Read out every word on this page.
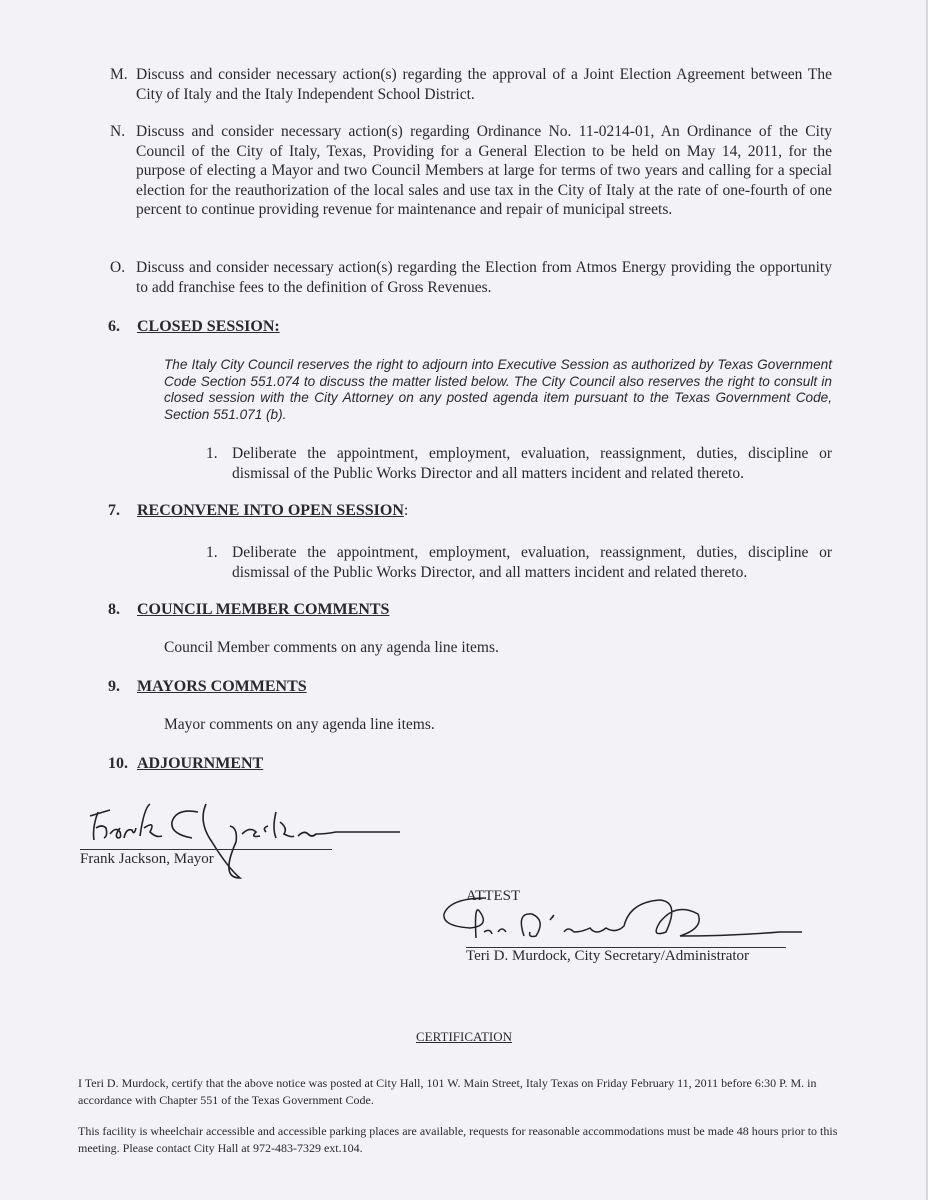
M. Discuss and consider necessary action(s) regarding the approval of a Joint Election Agreement between The City of Italy and the Italy Independent School District.
N. Discuss and consider necessary action(s) regarding Ordinance No. 11-0214-01, An Ordinance of the City Council of the City of Italy, Texas, Providing for a General Election to be held on May 14, 2011, for the purpose of electing a Mayor and two Council Members at large for terms of two years and calling for a special election for the reauthorization of the local sales and use tax in the City of Italy at the rate of one-fourth of one percent to continue providing revenue for maintenance and repair of municipal streets.
O. Discuss and consider necessary action(s) regarding the Election from Atmos Energy providing the opportunity to add franchise fees to the definition of Gross Revenues.
6. CLOSED SESSION:
The Italy City Council reserves the right to adjourn into Executive Session as authorized by Texas Government Code Section 551.074 to discuss the matter listed below. The City Council also reserves the right to consult in closed session with the City Attorney on any posted agenda item pursuant to the Texas Government Code, Section 551.071 (b).
1. Deliberate the appointment, employment, evaluation, reassignment, duties, discipline or dismissal of the Public Works Director and all matters incident and related thereto.
7. RECONVENE INTO OPEN SESSION:
1. Deliberate the appointment, employment, evaluation, reassignment, duties, discipline or dismissal of the Public Works Director, and all matters incident and related thereto.
8. COUNCIL MEMBER COMMENTS
Council Member comments on any agenda line items.
9. MAYORS COMMENTS
Mayor comments on any agenda line items.
10. ADJOURNMENT
Frank Jackson, Mayor
ATTEST
Teri D. Murdock, City Secretary/Administrator
CERTIFICATION
I Teri D. Murdock, certify that the above notice was posted at City Hall, 101 W. Main Street, Italy Texas on Friday February 11, 2011 before 6:30 P. M. in accordance with Chapter 551 of the Texas Government Code.
This facility is wheelchair accessible and accessible parking places are available, requests for reasonable accommodations must be made 48 hours prior to this meeting. Please contact City Hall at 972-483-7329 ext.104.
